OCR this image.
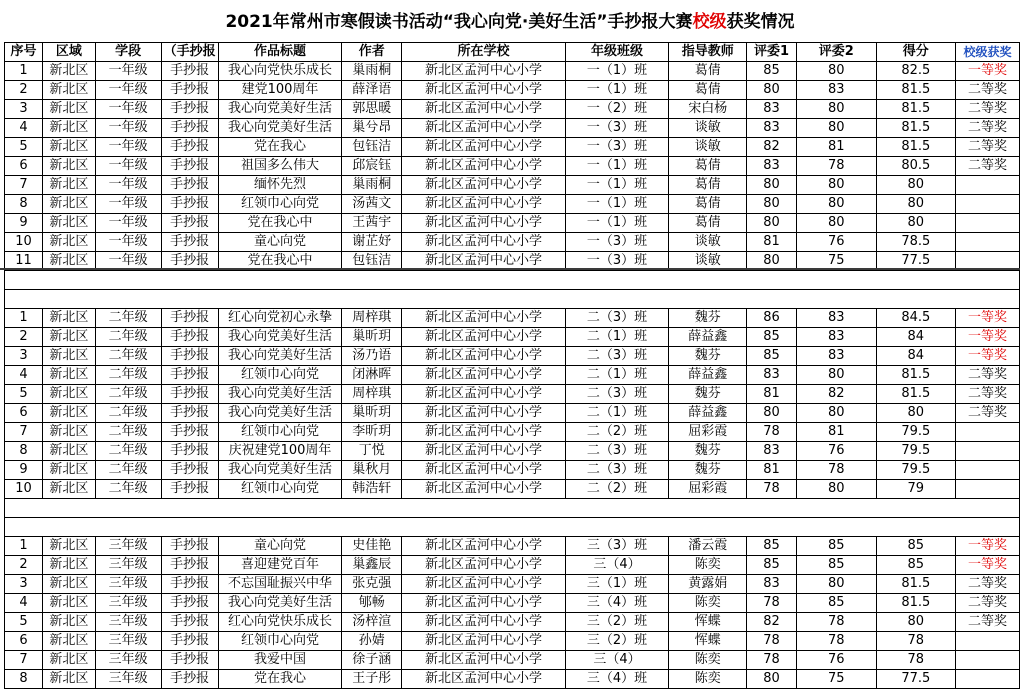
2021年常州市寒假读书活动“我心向党·美好生活”手抄报大赛 校级 获奖情况
序号	区域	学段	（手抄报	作品标题	作者	所在学校	年级班级	指导教师	评委1	评委2	得分	校级获奖
1	新北区	一年级	手抄报	我心向党快乐成长	巢雨桐	新北区孟河中心小学	一（1）班	葛倩	85	80	82.5	一等奖
2	新北区	一年级	手抄报	建党100周年	薛泽语	新北区孟河中心小学	一（1）班	葛倩	80	83	81.5	二等奖
3	新北区	一年级	手抄报	我心向党美好生活	郭思暖	新北区孟河中心小学	一（2）班	宋白杨	83	80	81.5	二等奖
4	新北区	一年级	手抄报	我心向党美好生活	巢兮昂	新北区孟河中心小学	一（3）班	谈敏	83	80	81.5	二等奖
5	新北区	一年级	手抄报	党在我心	包钰洁	新北区孟河中心小学	一（3）班	谈敏	82	81	81.5	二等奖
6	新北区	一年级	手抄报	祖国多么伟大	邱宸钰	新北区孟河中心小学	一（1）班	葛倩	83	78	80.5	二等奖
7	新北区	一年级	手抄报	缅怀先烈	巢雨桐	新北区孟河中心小学	一（1）班	葛倩	80	80	80	
8	新北区	一年级	手抄报	红领巾心向党	汤茜文	新北区孟河中心小学	一（1）班	葛倩	80	80	80	
9	新北区	一年级	手抄报	党在我心中	王茜宇	新北区孟河中心小学	一（1）班	葛倩	80	80	80	
10	新北区	一年级	手抄报	童心向党	谢芷妤	新北区孟河中心小学	一（3）班	谈敏	81	76	78.5	
11	新北区	一年级	手抄报	党在我心中	包钰洁	新北区孟河中心小学	一（3）班	谈敏	80	75	77.5	

1	新北区	二年级	手抄报	红心向党初心永挚	周梓琪	新北区孟河中心小学	二（3）班	魏芬	86	83	84.5	一等奖
2	新北区	二年级	手抄报	我心向党美好生活	巢昕玥	新北区孟河中心小学	二（1）班	薛益鑫	85	83	84	一等奖
3	新北区	二年级	手抄报	我心向党美好生活	汤乃语	新北区孟河中心小学	二（3）班	魏芬	85	83	84	一等奖
4	新北区	二年级	手抄报	红领巾心向党	闭淋晖	新北区孟河中心小学	二（1）班	薛益鑫	83	80	81.5	二等奖
5	新北区	二年级	手抄报	我心向党美好生活	周梓琪	新北区孟河中心小学	二（3）班	魏芬	81	82	81.5	二等奖
6	新北区	二年级	手抄报	我心向党美好生活	巢昕玥	新北区孟河中心小学	二（1）班	薛益鑫	80	80	80	二等奖
7	新北区	二年级	手抄报	红领巾心向党	李昕玥	新北区孟河中心小学	二（2）班	屈彩霞	78	81	79.5	
8	新北区	二年级	手抄报	庆祝建党100周年	丁悦	新北区孟河中心小学	二（3）班	魏芬	83	76	79.5	
9	新北区	二年级	手抄报	我心向党美好生活	巢秋月	新北区孟河中心小学	二（3）班	魏芬	81	78	79.5	
10	新北区	二年级	手抄报	红领巾心向党	韩浩轩	新北区孟河中心小学	二（2）班	屈彩霞	78	80	79	

1	新北区	三年级	手抄报	童心向党	史佳艳	新北区孟河中心小学	三（3）班	潘云霞	85	85	85	一等奖
2	新北区	三年级	手抄报	喜迎建党百年	巢鑫辰	新北区孟河中心小学	三（4）	陈奕	85	85	85	一等奖
3	新北区	三年级	手抄报	不忘国耻振兴中华	张克强	新北区孟河中心小学	三（1）班	黄露娟	83	80	81.5	二等奖
4	新北区	三年级	手抄报	我心向党美好生活	郇畅	新北区孟河中心小学	三（4）班	陈奕	78	85	81.5	二等奖
5	新北区	三年级	手抄报	红心向党快乐成长	汤梓渲	新北区孟河中心小学	三（2）班	恽蝶	82	78	80	二等奖
6	新北区	三年级	手抄报	红领巾心向党	孙婧	新北区孟河中心小学	三（2）班	恽蝶	78	78	78	
7	新北区	三年级	手抄报	我爱中国	徐子涵	新北区孟河中心小学	三（4）	陈奕	78	76	78	
8	新北区	三年级	手抄报	党在我心	王子彤	新北区孟河中心小学	三（4）班	陈奕	80	75	77.5	
